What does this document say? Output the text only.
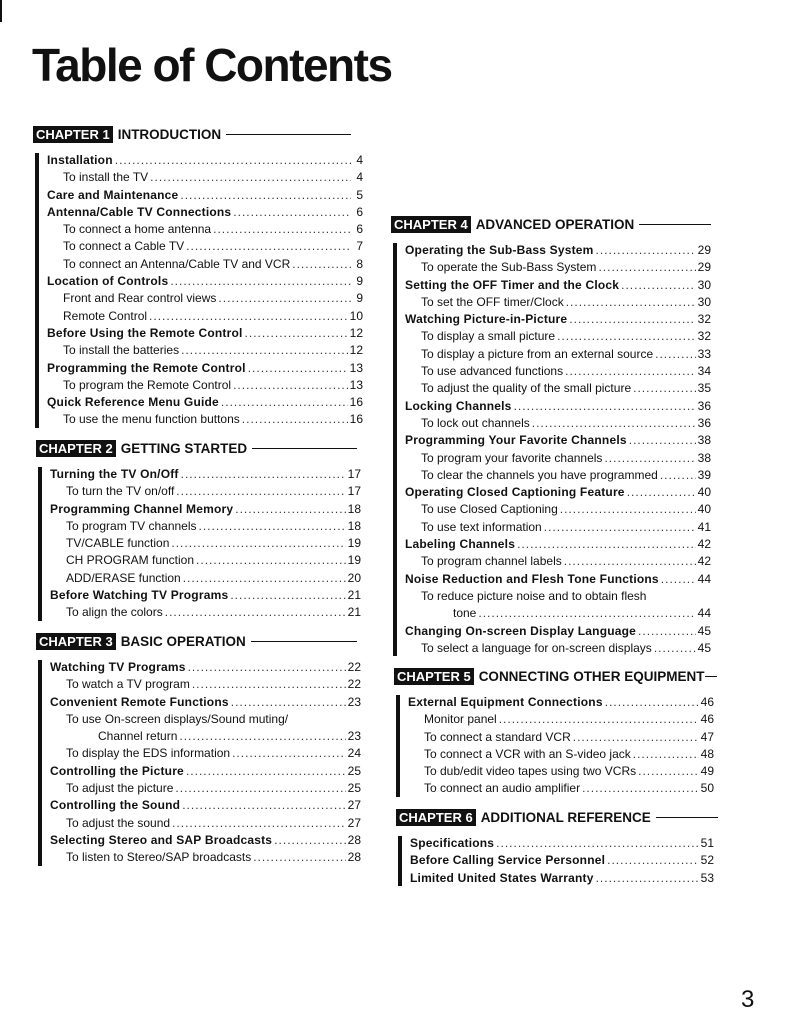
Table of Contents
CHAPTER 1 INTRODUCTION
Installation .....	4
To install the TV .....	4
Care and Maintenance .....	5
Antenna/Cable TV Connections .....	6
To connect a home antenna .....	6
To connect a Cable TV .....	7
To connect an Antenna/Cable TV and VCR .....	8
Location of Controls .....	9
Front and Rear control views .....	9
Remote Control .....	10
Before Using the Remote Control .....	12
To install the batteries .....	12
Programming the Remote Control .....	13
To program the Remote Control .....	13
Quick Reference Menu Guide .....	16
To use the menu function buttons .....	16
CHAPTER 2 GETTING STARTED
Turning the TV On/Off .....	17
To turn the TV on/off .....	17
Programming Channel Memory .....	18
To program TV channels .....	18
TV/CABLE function .....	19
CH PROGRAM function .....	19
ADD/ERASE function .....	20
Before Watching TV Programs .....	21
To align the colors .....	21
CHAPTER 3 BASIC OPERATION
Watching TV Programs .....	22
To watch a TV program .....	22
Convenient Remote Functions .....	23
To use On-screen displays/Sound muting/
Channel return .....	23
To display the EDS information .....	24
Controlling the Picture .....	25
To adjust the picture .....	25
Controlling the Sound .....	27
To adjust the sound .....	27
Selecting Stereo and SAP Broadcasts .....	28
To listen to Stereo/SAP broadcasts .....	28
CHAPTER 4 ADVANCED OPERATION
Operating the Sub-Bass System .....	29
To operate the Sub-Bass System .....	29
Setting the OFF Timer and the Clock .....	30
To set the OFF timer/Clock .....	30
Watching Picture-in-Picture .....	32
To display a small picture .....	32
To display a picture from an external source .....	33
To use advanced functions .....	34
To adjust the quality of the small picture .....	35
Locking Channels .....	36
To lock out channels .....	36
Programming Your Favorite Channels .....	38
To program your favorite channels .....	38
To clear the channels you have programmed .....	39
Operating Closed Captioning Feature .....	40
To use Closed Captioning .....	40
To use text information .....	41
Labeling Channels .....	42
To program channel labels .....	42
Noise Reduction and Flesh Tone Functions .....	44
To reduce picture noise and to obtain flesh
tone .....	44
Changing On-screen Display Language .....	45
To select a language for on-screen displays .....	45
CHAPTER 5 CONNECTING OTHER EQUIPMENT
External Equipment Connections .....	46
Monitor panel .....	46
To connect a standard VCR .....	47
To connect a VCR with an S-video jack .....	48
To dub/edit video tapes using two VCRs .....	49
To connect an audio amplifier .....	50
CHAPTER 6 ADDITIONAL REFERENCE
Specifications .....	51
Before Calling Service Personnel .....	52
Limited United States Warranty .....	53
3
